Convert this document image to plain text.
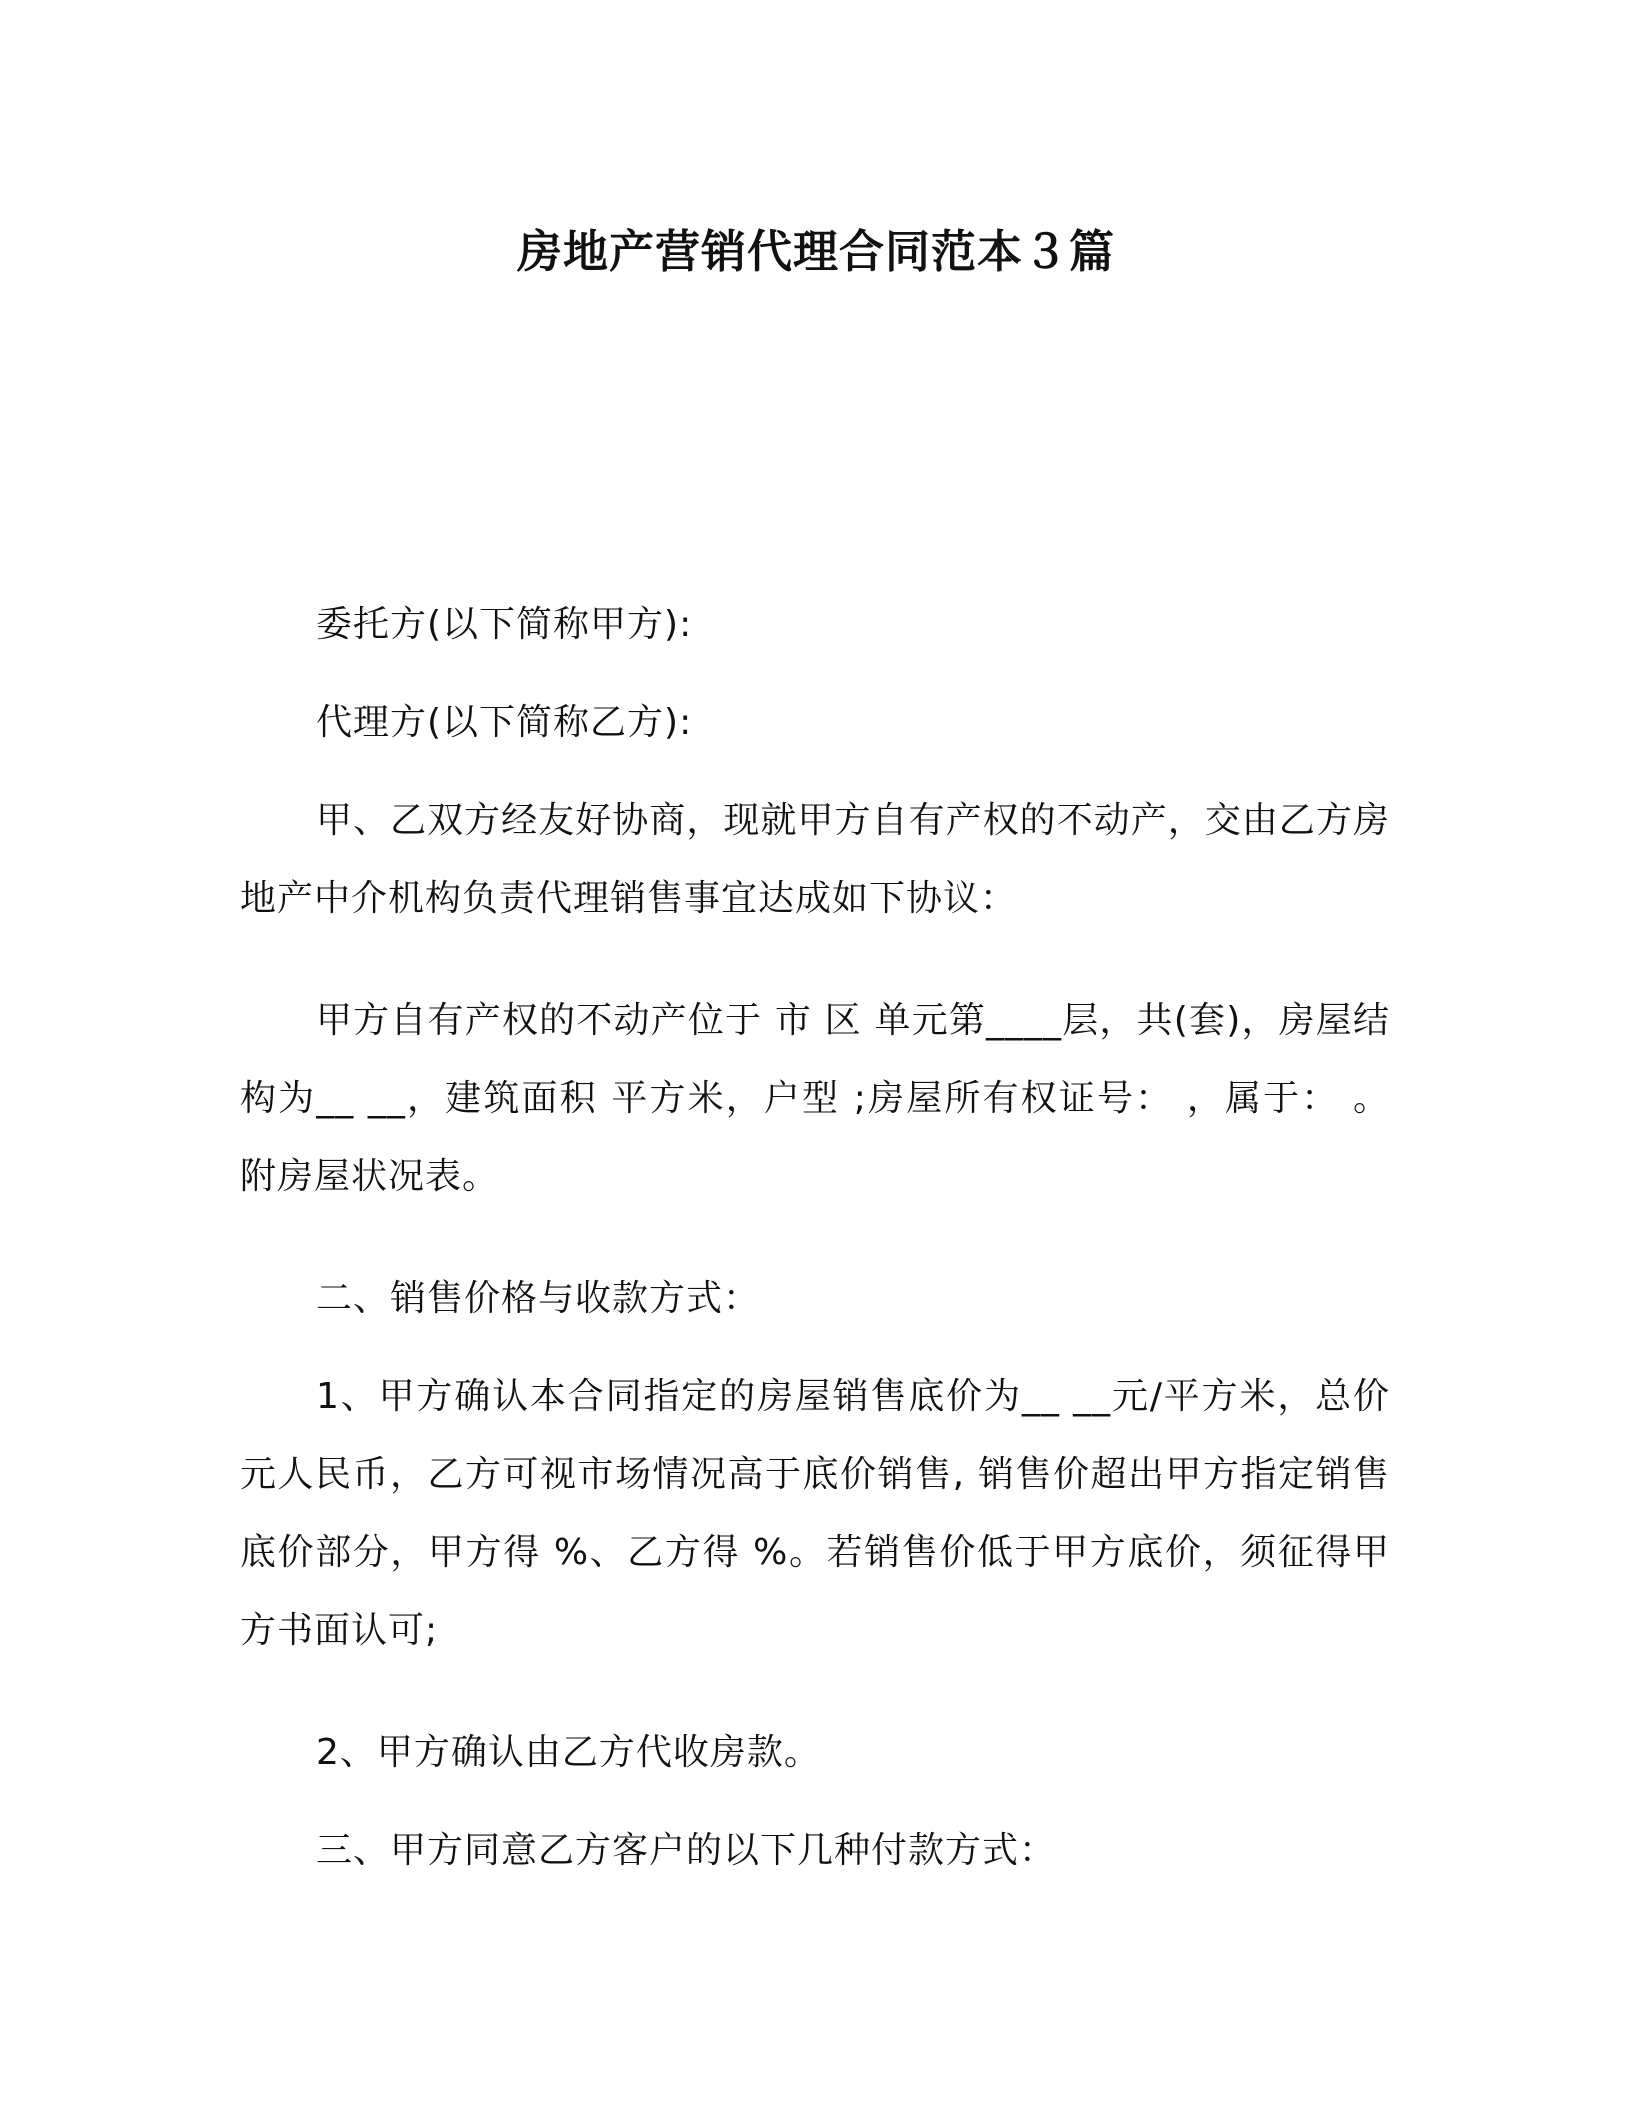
房地产营销代理合同范本３篇

委托方(以下简称甲方):

代理方(以下简称乙方):

甲、乙双方经友好协商，现就甲方自有产权的不动产，交由乙方房地产中介机构负责代理销售事宜达成如下协议：

甲方自有产权的不动产位于 市 区 单元第____层，共(套)，房屋结构为__ __，建筑面积 平方米，户型 ;房屋所有权证号： ，属于： 。附房屋状况表。

二、销售价格与收款方式：

1、甲方确认本合同指定的房屋销售底价为__ __元/平方米，总价 元人民币，乙方可视市场情况高于底价销售, 销售价超出甲方指定销售底价部分，甲方得 %、乙方得 %。若销售价低于甲方底价，须征得甲方书面认可;

2、甲方确认由乙方代收房款。

三、甲方同意乙方客户的以下几种付款方式：
